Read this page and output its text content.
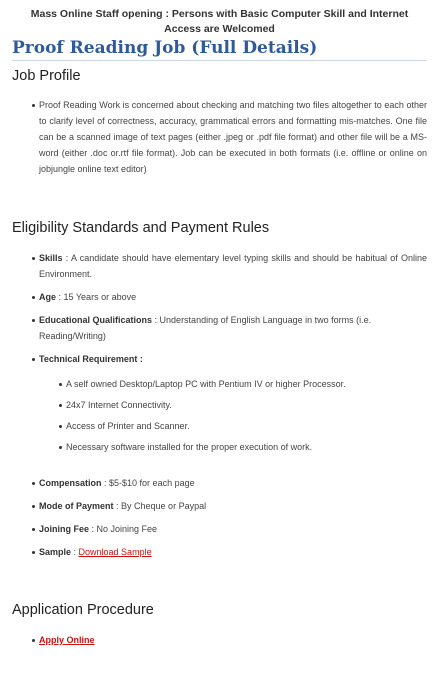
Mass Online Staff opening : Persons with Basic Computer Skill and Internet Access are Welcomed
Proof Reading Job (Full Details)
Job Profile
Proof Reading Work is concerned about checking and matching two files altogether to each other to clarify level of correctness, accuracy, grammatical errors and formatting mis-matches. One file can be a scanned image of text pages (either .jpeg or .pdf file format) and other file will be a MS-word (either .doc or.rtf file format). Job can be executed in both formats (i.e. offline or online on jobjungle online text editor)
Eligibility Standards and Payment Rules
Skills : A candidate should have elementary level typing skills and should be habitual of Online Environment.
Age : 15 Years or above
Educational Qualifications : Understanding of English Language in two forms (i.e. Reading/Writing)
Technical Requirement :
A self owned Desktop/Laptop PC with Pentium IV or higher Processor.
24x7 Internet Connectivity.
Access of Printer and Scanner.
Necessary software installed for the proper execution of work.
Compensation : $5-$10 for each page
Mode of Payment : By Cheque or Paypal
Joining Fee : No Joining Fee
Sample : Download Sample
Application Procedure
Apply Online
